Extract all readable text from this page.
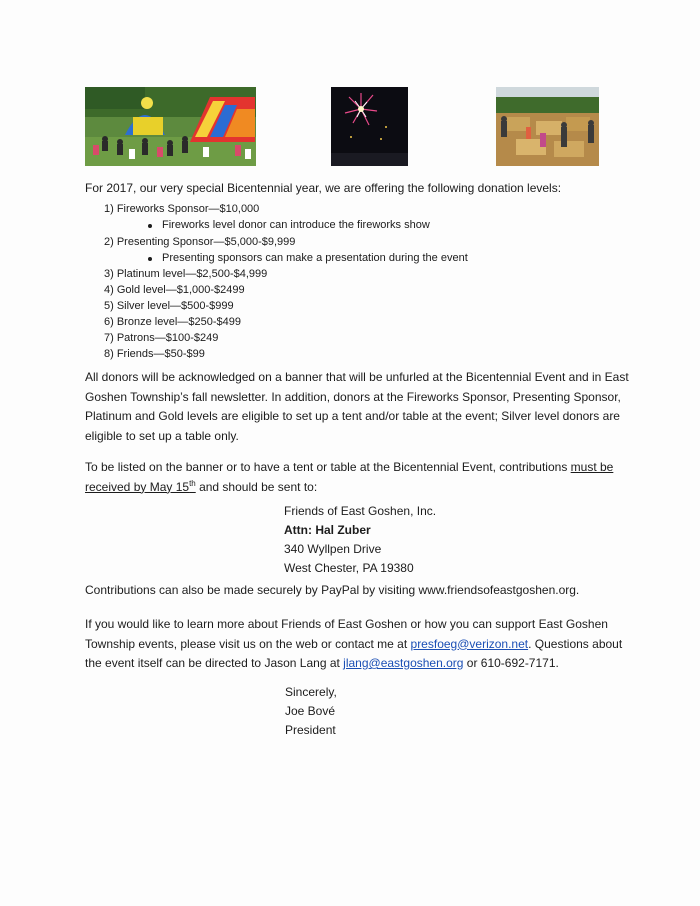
For 2017, our very special Bicentennial year, we are offering the following donation levels:
1) Fireworks Sponsor—$10,000
Fireworks level donor can introduce the fireworks show
2) Presenting Sponsor—$5,000-$9,999
Presenting sponsors can make a presentation during the event
3) Platinum level—$2,500-$4,999
4) Gold level—$1,000-$2499
5) Silver level—$500-$999
6) Bronze level—$250-$499
7) Patrons—$100-$249
8) Friends—$50-$99
All donors will be acknowledged on a banner that will be unfurled at the Bicentennial Event and in East Goshen Township’s fall newsletter. In addition, donors at the Fireworks Sponsor, Presenting Sponsor, Platinum and Gold levels are eligible to set up a tent and/or table at the event; Silver level donors are eligible to set up a table only.
To be listed on the banner or to have a tent or table at the Bicentennial Event, contributions must be received by May 15th and should be sent to:
Friends of East Goshen, Inc.
Attn: Hal Zuber
340 Wyllpen Drive
West Chester, PA 19380
Contributions can also be made securely by PayPal by visiting www.friendsofeastgoshen.org.
If you would like to learn more about Friends of East Goshen or how you can support East Goshen Township events, please visit us on the web or contact me at presfoeg@verizon.net. Questions about the event itself can be directed to Jason Lang at jlang@eastgoshen.org or 610-692-7171.
Sincerely,
Joe Bové
President
